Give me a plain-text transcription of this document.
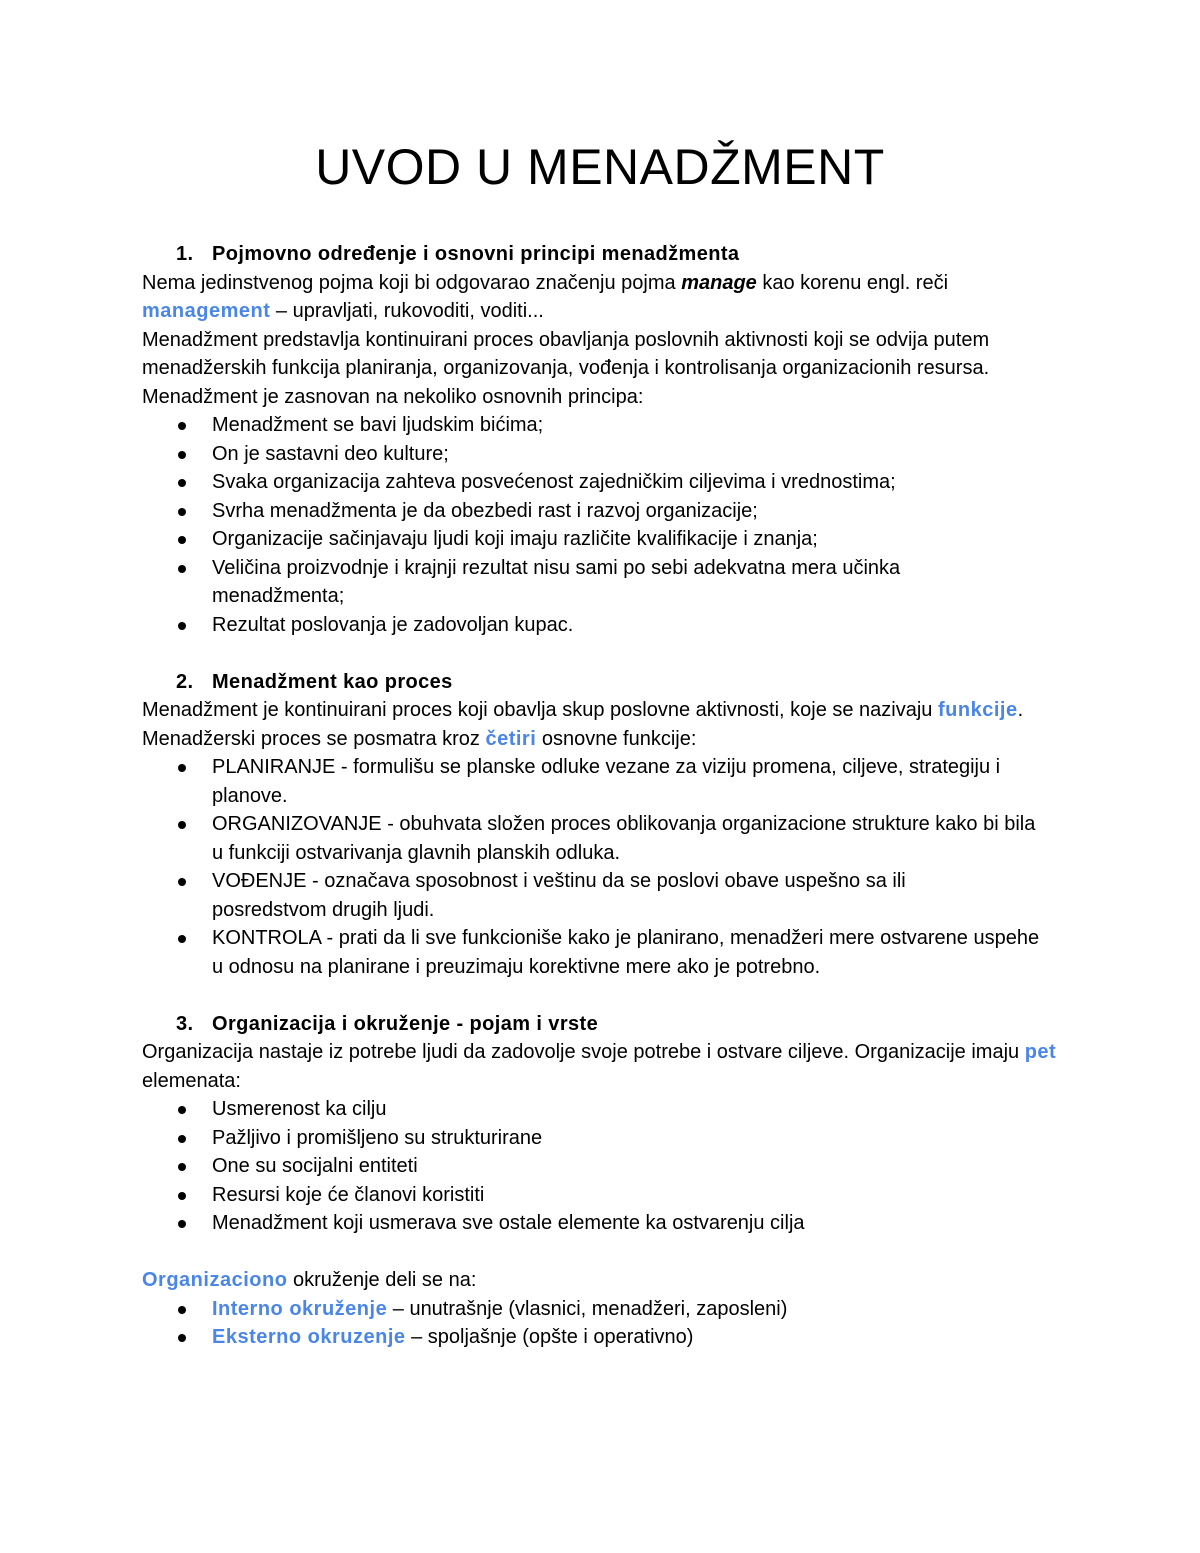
UVOD U MENADŽMENT
1. Pojmovno određenje i osnovni principi menadžmenta

Nema jedinstvenog pojma koji bi odgovarao značenju pojma manage kao korenu engl. reči management – upravljati, rukovoditi, voditi...

Menadžment predstavlja kontinuirani proces obavljanja poslovnih aktivnosti koji se odvija putem menadžerskih funkcija planiranja, organizovanja, vođenja i kontrolisanja organizacionih resursa.

Menadžment je zasnovan na nekoliko osnovnih principa:

Menadžment se bavi ljudskim bićima;
On je sastavni deo kulture;
Svaka organizacija zahteva posvećenost zajedničkim ciljevima i vrednostima;
Svrha menadžmenta je da obezbedi rast i razvoj organizacije;
Organizacije sačinjavaju ljudi koji imaju različite kvalifikacije i znanja;
Veličina proizvodnje i krajnji rezultat nisu sami po sebi adekvatna mera učinka menadžmenta;
Rezultat poslovanja je zadovoljan kupac.
2. Menadžment kao proces

Menadžment je kontinuirani proces koji obavlja skup poslovne aktivnosti, koje se nazivaju funkcije. Menadžerski proces se posmatra kroz četiri osnovne funkcije:

PLANIRANJE - formulišu se planske odluke vezane za viziju promena, ciljeve, strategiju i planove.
ORGANIZOVANJE - obuhvata složen proces oblikovanja organizacione strukture kako bi bila u funkciji ostvarivanja glavnih planskih odluka.
VOĐENJE - označava sposobnost i veštinu da se poslovi obave uspešno sa ili posredstvom drugih ljudi.
KONTROLA - prati da li sve funkcioniše kako je planirano, menadžeri mere ostvarene uspehe u odnosu na planirane i preuzimaju korektivne mere ako je potrebno.
3. Organizacija i okruženje - pojam i vrste

Organizacija nastaje iz potrebe ljudi da zadovolje svoje potrebe i ostvare ciljeve. Organizacije imaju pet elemenata:

Usmerenost ka cilju
Pažljivo i promišljeno su strukturirane
One su socijalni entiteti
Resursi koje će članovi koristiti
Menadžment koji usmerava sve ostale elemente ka ostvarenju cilja

Organizaciono okruženje deli se na:

Interno okruženje – unutrašnje (vlasnici, menadžeri, zaposleni)
Eksterno okruzenje – spoljašnje (opšte i operativno)
